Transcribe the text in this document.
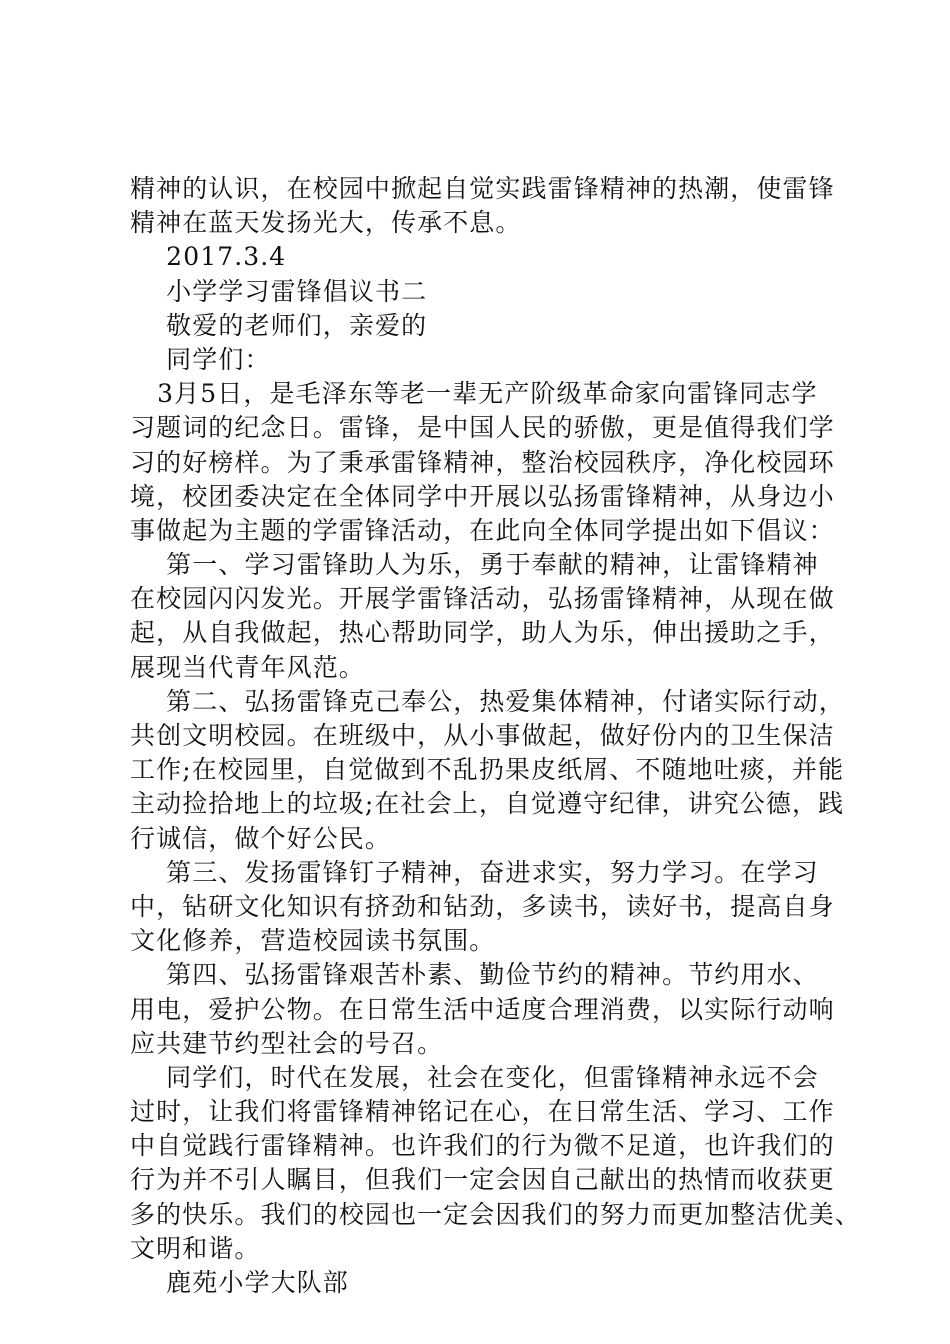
精神的认识，在校园中掀起自觉实践雷锋精神的热潮，使雷锋
精神在蓝天发扬光大，传承不息。
2017.3.4
小学学习雷锋倡议书二
敬爱的老师们，亲爱的
同学们：
3月5日，是毛泽东等老一辈无产阶级革命家向雷锋同志学
习题词的纪念日。雷锋，是中国人民的骄傲，更是值得我们学
习的好榜样。为了秉承雷锋精神，整治校园秩序，净化校园环
境，校团委决定在全体同学中开展以弘扬雷锋精神，从身边小
事做起为主题的学雷锋活动，在此向全体同学提出如下倡议：
第一、学习雷锋助人为乐，勇于奉献的精神，让雷锋精神
在校园闪闪发光。开展学雷锋活动，弘扬雷锋精神，从现在做
起，从自我做起，热心帮助同学，助人为乐，伸出援助之手，
展现当代青年风范。
第二、弘扬雷锋克己奉公，热爱集体精神，付诸实际行动，
共创文明校园。在班级中，从小事做起，做好份内的卫生保洁
工作;在校园里，自觉做到不乱扔果皮纸屑、不随地吐痰，并能
主动捡拾地上的垃圾;在社会上，自觉遵守纪律，讲究公德，践
行诚信，做个好公民。
第三、发扬雷锋钉子精神，奋进求实，努力学习。在学习
中，钻研文化知识有挤劲和钻劲，多读书，读好书，提高自身
文化修养，营造校园读书氛围。
第四、弘扬雷锋艰苦朴素、勤俭节约的精神。节约用水、
用电，爱护公物。在日常生活中适度合理消费，以实际行动响
应共建节约型社会的号召。
同学们，时代在发展，社会在变化，但雷锋精神永远不会
过时，让我们将雷锋精神铭记在心，在日常生活、学习、工作
中自觉践行雷锋精神。也许我们的行为微不足道，也许我们的
行为并不引人瞩目，但我们一定会因自己献出的热情而收获更
多的快乐。我们的校园也一定会因我们的努力而更加整洁优美、
文明和谐。
鹿苑小学大队部
